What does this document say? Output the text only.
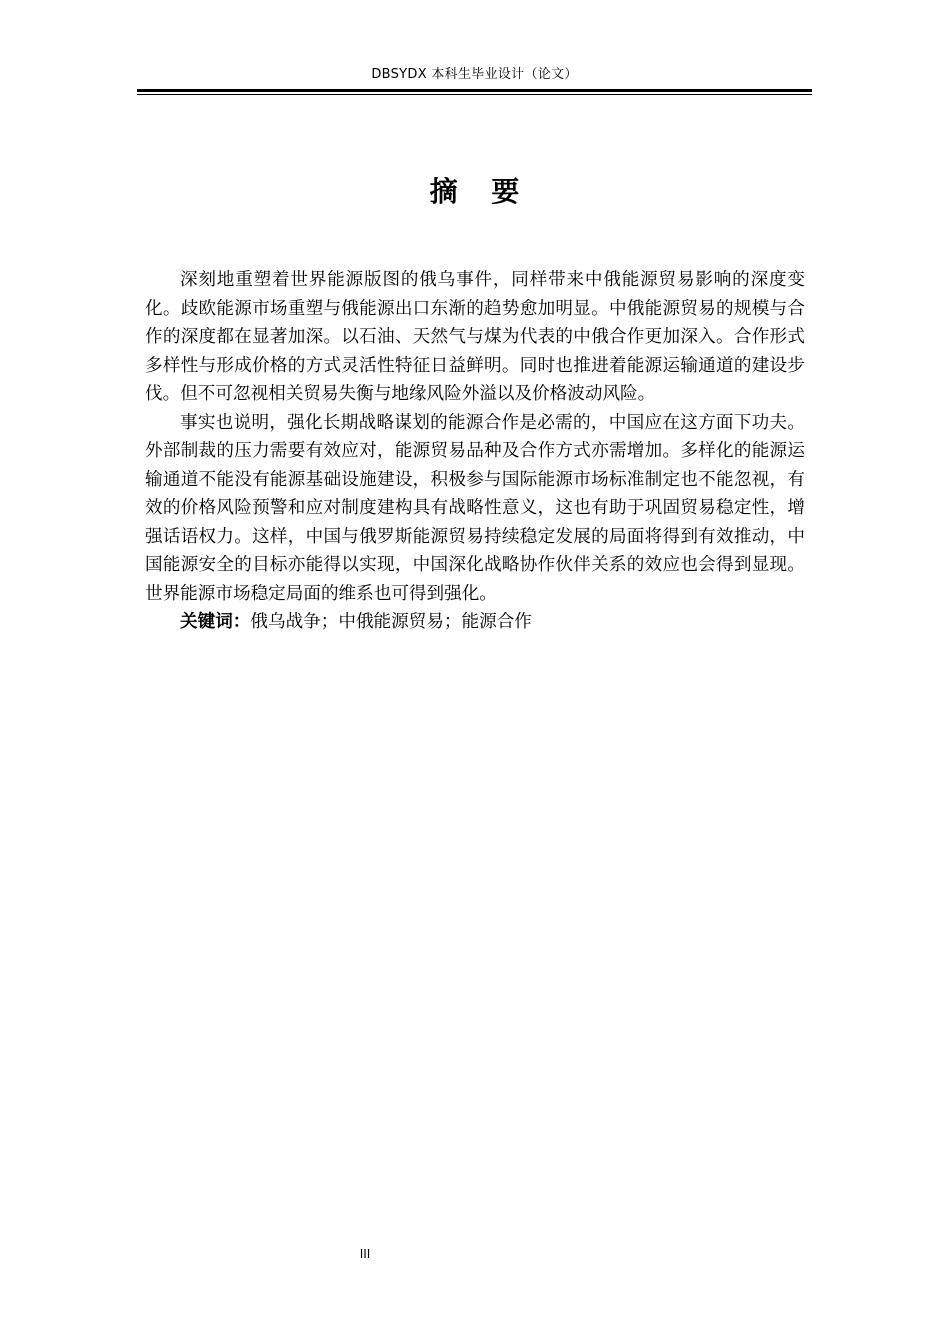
DBSYDX 本科生毕业设计（论文）
摘 要

深刻地重塑着世界能源版图的俄乌事件，同样带来中俄能源贸易影响的深度变化。歧欧能源市场重塑与俄能源出口东渐的趋势愈加明显。中俄能源贸易的规模与合作的深度都在显著加深。以石油、天然气与煤为代表的中俄合作更加深入。合作形式多样性与形成价格的方式灵活性特征日益鲜明。同时也推进着能源运输通道的建设步伐。但不可忽视相关贸易失衡与地缘风险外溢以及价格波动风险。

事实也说明，强化长期战略谋划的能源合作是必需的，中国应在这方面下功夫。外部制裁的压力需要有效应对，能源贸易品种及合作方式亦需增加。多样化的能源运输通道不能没有能源基础设施建设，积极参与国际能源市场标准制定也不能忽视，有效的价格风险预警和应对制度建构具有战略性意义，这也有助于巩固贸易稳定性，增强话语权力。这样，中国与俄罗斯能源贸易持续稳定发展的局面将得到有效推动，中国能源安全的目标亦能得以实现，中国深化战略协作伙伴关系的效应也会得到显现。世界能源市场稳定局面的维系也可得到强化。

关键词：俄乌战争；中俄能源贸易；能源合作

III
